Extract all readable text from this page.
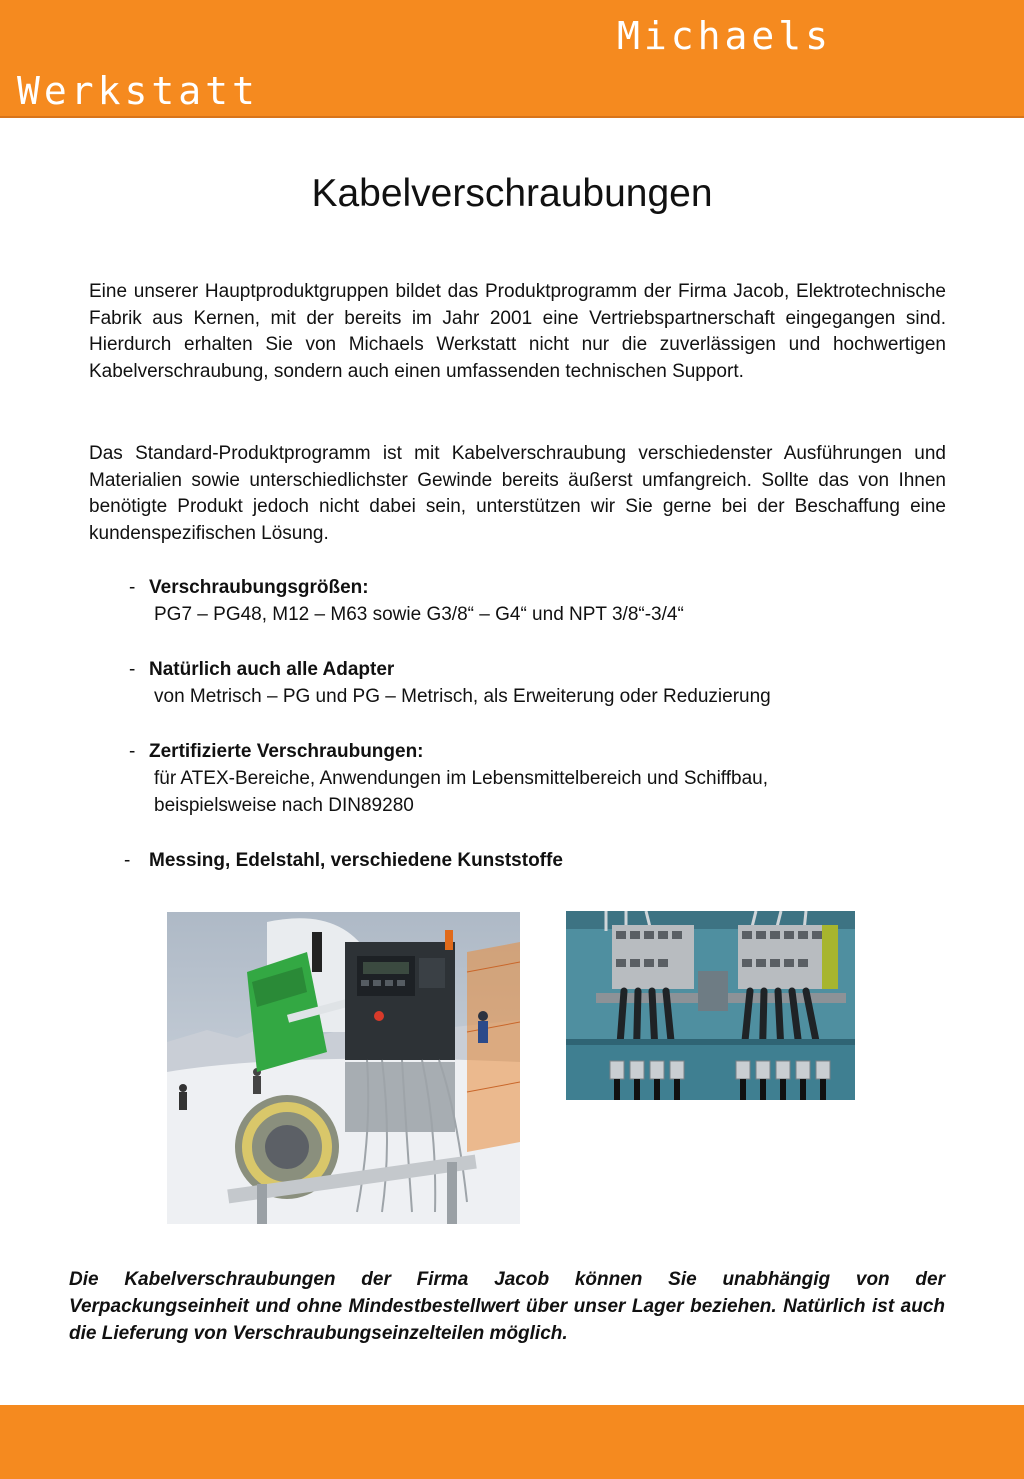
Michaels
Werkstatt
Kabelverschraubungen

Eine unserer Hauptproduktgruppen bildet das Produktprogramm der Firma Jacob, Elektrotechnische Fabrik aus Kernen, mit der bereits im Jahr 2001 eine Vertriebspartnerschaft eingegangen sind. Hierdurch erhalten Sie von Michaels Werkstatt nicht nur die zuverlässigen und hochwertigen Kabelverschraubung, sondern auch einen umfassenden technischen Support.

Das Standard-Produktprogramm ist mit Kabelverschraubung verschiedenster Ausführungen und Materialien sowie unterschiedlichster Gewinde bereits äußerst umfangreich. Sollte das von Ihnen benötigte Produkt jedoch nicht dabei sein, unterstützen wir Sie gerne bei der Beschaffung eine kundenspezifischen Lösung.

- Verschraubungsgrößen:
PG7 – PG48, M12 – M63 sowie G3/8“ – G4“ und NPT 3/8“-3/4“
- Natürlich auch alle Adapter
von Metrisch – PG und PG – Metrisch, als Erweiterung oder Reduzierung
- Zertifizierte Verschraubungen:
für ATEX-Bereiche, Anwendungen im Lebensmittelbereich und Schiffbau,
beispielsweise nach DIN89280
- Messing, Edelstahl, verschiedene Kunststoffe

Die Kabelverschraubungen der Firma Jacob können Sie unabhängig von der Verpackungseinheit und ohne Mindestbestellwert über unser Lager beziehen. Natürlich ist auch die Lieferung von Verschraubungseinzelteilen möglich.
